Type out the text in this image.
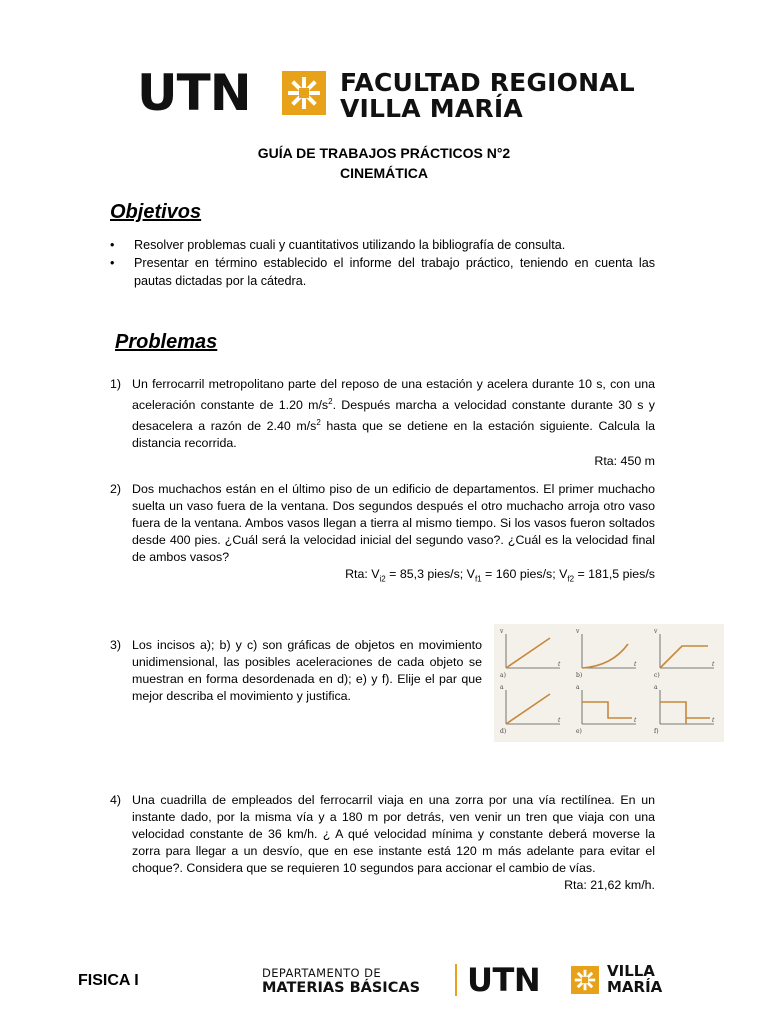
UTN	FACULTAD REGIONAL
VILLA MARÍA
GUÍA DE TRABAJOS PRÁCTICOS N°2
CINEMÁTICA
Objetivos
• Resolver problemas cuali y cuantitativos utilizando la bibliografía de consulta.
• Presentar en término establecido el informe del trabajo práctico, teniendo en cuenta las pautas dictadas por la cátedra.
Problemas
1) Un ferrocarril metropolitano parte del reposo de una estación y acelera durante 10 s, con una aceleración constante de 1.20 $m/s^2$. Después marcha a velocidad constante durante 30 s y desacelera a razón de 2.40 $m/s^2$ hasta que se detiene en la estación siguiente. Calcula la distancia recorrida.
Rta: 450 m
2) Dos muchachos están en el último piso de un edificio de departamentos. El primer muchacho suelta un vaso fuera de la ventana. Dos segundos después el otro muchacho arroja otro vaso fuera de la ventana. Ambos vasos llegan a tierra al mismo tiempo. Si los vasos fueron soltados desde 400 pies. ¿Cuál será la velocidad inicial del segundo vaso?. ¿Cuál es la velocidad final de ambos vasos?
Rta: $V_{i2} = 85,3$ pies/s; $V_{f1} = 160$ pies/s; $V_{f2} = 181,5$ pies/s
3) Los incisos a); b) y c) son gráficas de objetos en movimiento unidimensional, las posibles aceleraciones de cada objeto se muestran en forma desordenada en d); e) y f). Elije el par que mejor describa el movimiento y justifica.
v
t
a)
v
t
b)
v
t
c)
a
t
d)
a
t
e)
a
t
f)
4) Una cuadrilla de empleados del ferrocarril viaja en una zorra por una vía rectilínea. En un instante dado, por la misma vía y a 180 m por detrás, ven venir un tren que viaja con una velocidad constante de 36 km/h. ¿ A qué velocidad mínima y constante deberá moverse la zorra para llegar a un desvío, que en ese instante está 120 m más adelante para evitar el choque?. Considera que se requieren 10 segundos para accionar el cambio de vías.
Rta: 21,62 km/h.
FISICA I	DEPARTAMENTO DE
MATERIAS BÁSICAS UTN	VILLA
MARÍA
